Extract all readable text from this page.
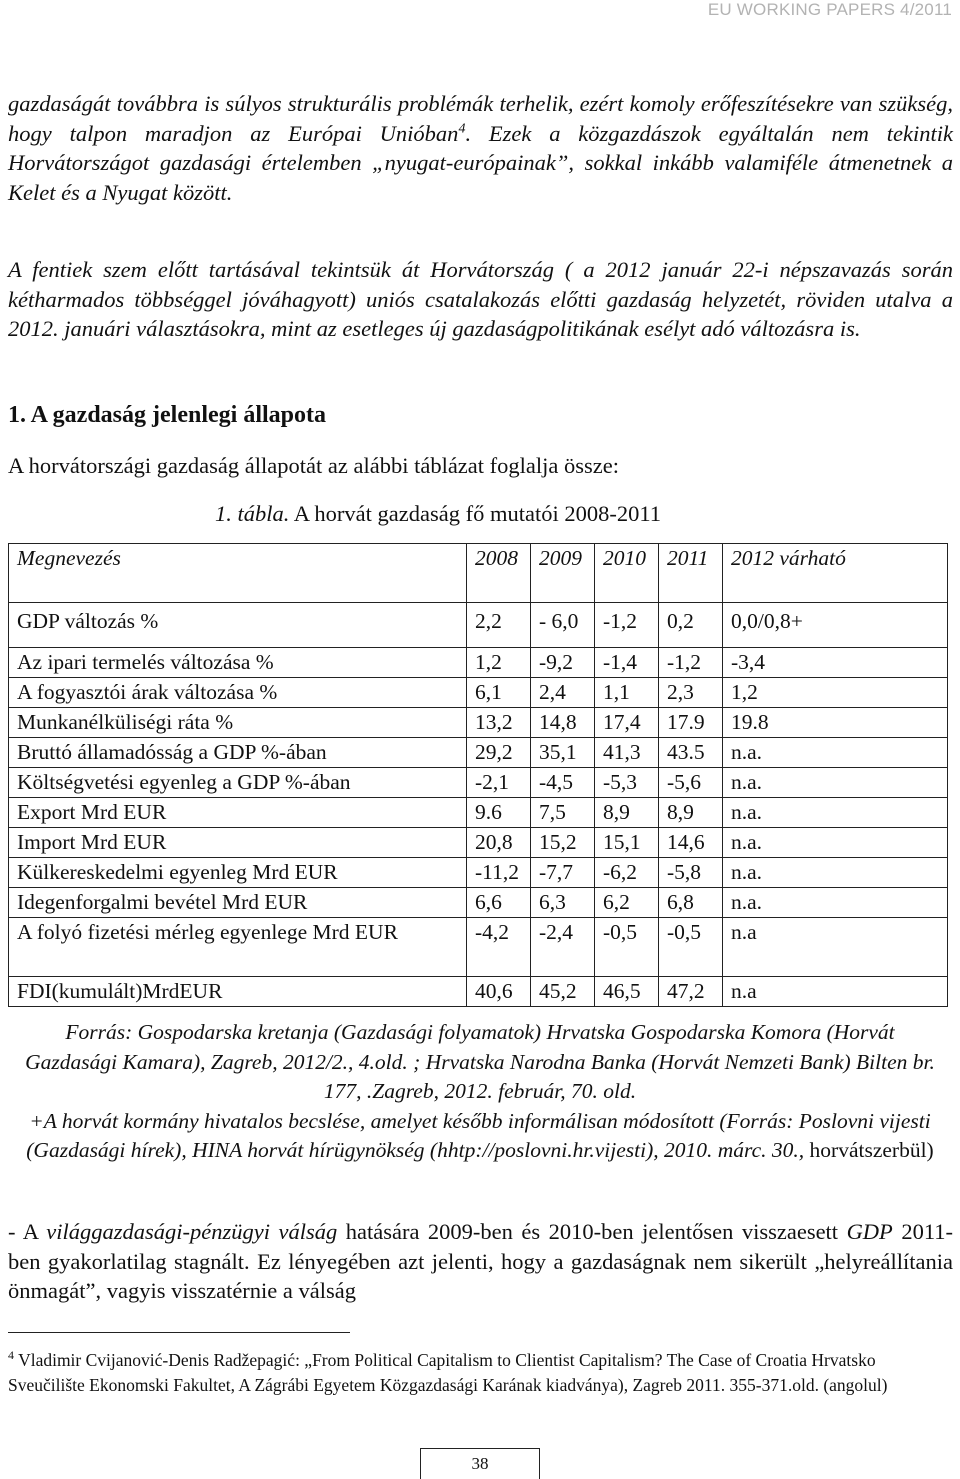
EU WORKING PAPERS 4/2011

gazdaságát továbbra is súlyos strukturális problémák terhelik, ezért komoly erőfeszítésekre van szükség, hogy talpon maradjon az Európai Unióban$^4$. Ezek a közgazdászok egyáltalán nem tekintik Horvátországot gazdasági értelemben „nyugat-európainak”, sokkal inkább valamiféle átmenetnek a Kelet és a Nyugat között.

A fentiek szem előtt tartásával tekintsük át Horvátország ( a 2012 január 22-i népszavazás során kétharmados többséggel jóváhagyott) uniós csatalakozás előtti gazdaság helyzetét, röviden utalva a 2012. januári választásokra, mint az esetleges új gazdaságpolitikának esélyt adó változásra is.

1. A gazdaság jelenlegi állapota

A horvátországi gazdaság állapotát az alábbi táblázat foglalja össze:

1. tábla. A horvát gazdaság fő mutatói 2008-2011

Megnevezés	2008	2009	2010	2011	2012 várható
GDP változás %	2,2	- 6,0	-1,2	0,2	0,0/0,8+
Az ipari termelés változása %	1,2	-9,2	-1,4	-1,2	-3,4
A fogyasztói árak változása %	6,1	2,4	1,1	2,3	1,2
Munkanélküliségi ráta %	13,2	14,8	17,4	17.9	19.8
Bruttó államadósság a GDP %-ában	29,2	35,1	41,3	43.5	n.a.
Költségvetési egyenleg a GDP %-ában	-2,1	-4,5	-5,3	-5,6	n.a.
Export Mrd EUR	9.6	7,5	8,9	8,9	n.a.
Import Mrd EUR	20,8	15,2	15,1	14,6	n.a.
Külkereskedelmi egyenleg Mrd EUR	-11,2	-7,7	-6,2	-5,8	n.a.
Idegenforgalmi bevétel Mrd EUR	6,6	6,3	6,2	6,8	n.a.
A folyó fizetési mérleg egyenlege Mrd EUR	-4,2	-2,4	-0,5	-0,5	n.a
FDI(kumulált)MrdEUR	40,6	45,2	46,5	47,2	n.a

Forrás: Gospodarska kretanja (Gazdasági folyamatok) Hrvatska Gospodarska Komora (Horvát Gazdasági Kamara), Zagreb, 2012/2., 4.old. ; Hrvatska Narodna Banka (Horvát Nemzeti Bank) Bilten br. 177, .Zagreb, 2012. február, 70. old.
+A horvát kormány hivatalos becslése, amelyet később informálisan módosított (Forrás: Poslovni vijesti (Gazdasági hírek), HINA horvát hírügynökség (hhtp://poslovni.hr.vijesti), 2010. márc. 30., horvátszerbül)

- A világgazdasági-pénzügyi válság hatására 2009-ben és 2010-ben jelentősen visszaesett GDP 2011-ben gyakorlatilag stagnált. Ez lényegében azt jelenti, hogy a gazdaságnak nem sikerült „helyreállítania önmagát”, vagyis visszatérnie a válság

$^4$ Vladimir Cvijanović-Denis Radžepagić: „From Political Capitalism to Clientist Capitalism? The Case of Croatia Hrvatsko Sveučilište Ekonomski Fakultet, A Zágrábi Egyetem Közgazdasági Karának kiadványa), Zagreb 2011. 355-371.old. (angolul)

38
